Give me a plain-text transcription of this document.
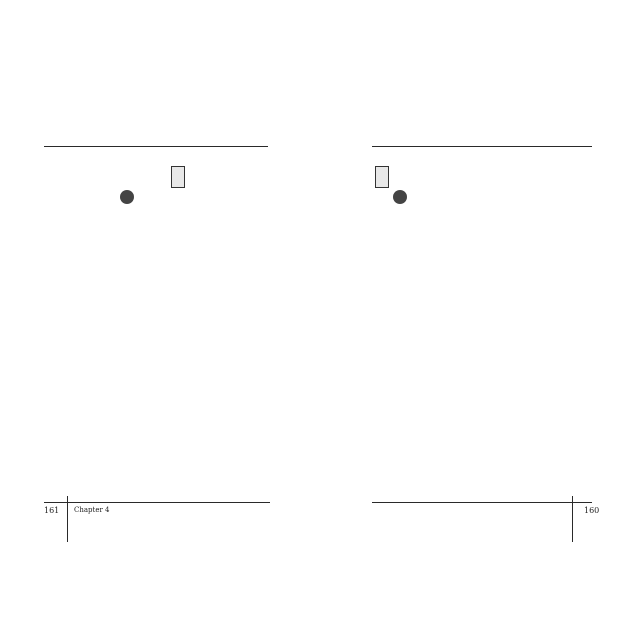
161 Chapter 4	160
